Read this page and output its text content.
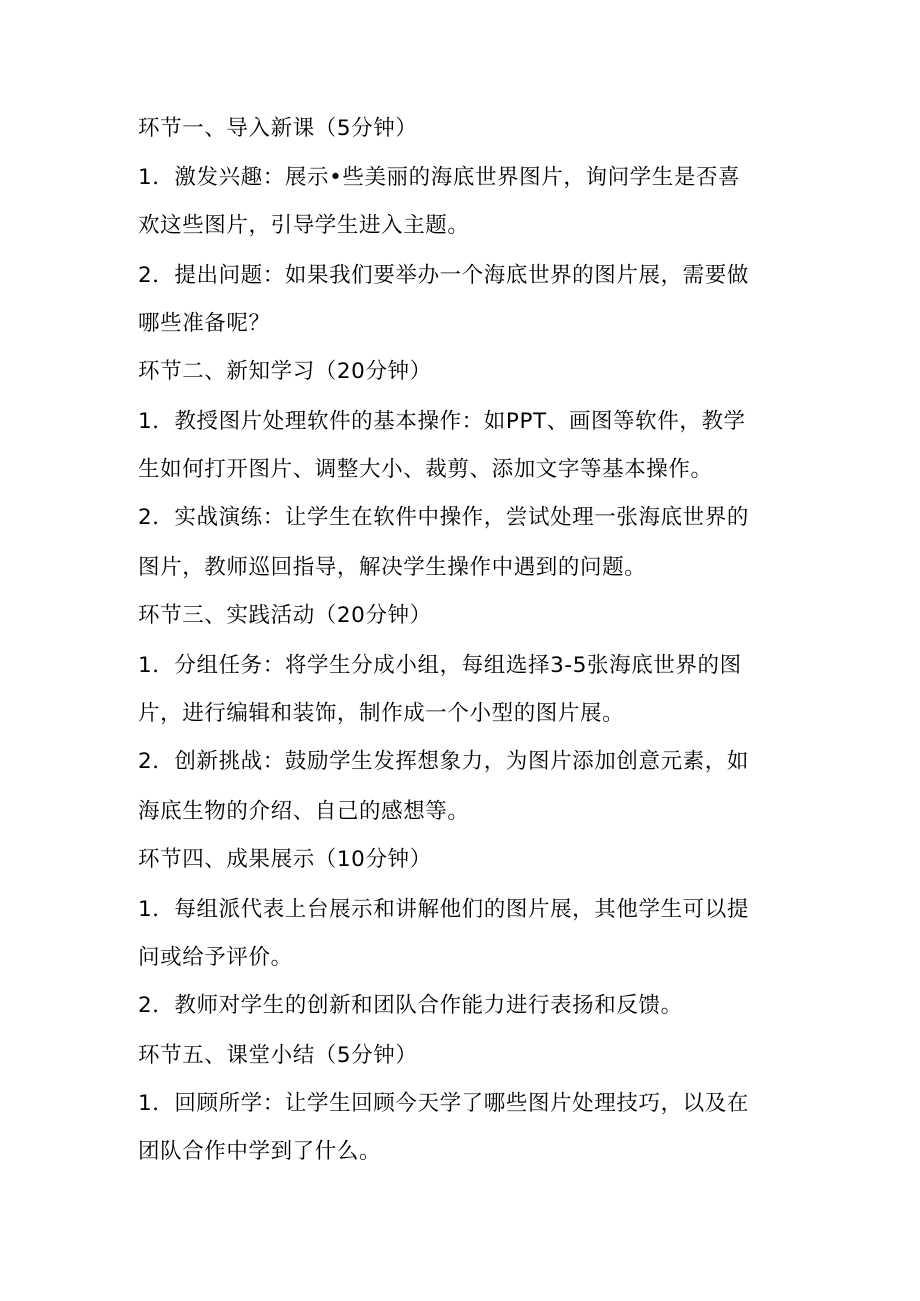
环节一、导入新课（5分钟）
1．激发兴趣：展示•些美丽的海底世界图片，询问学生是否喜
欢这些图片，引导学生进入主题。
2．提出问题：如果我们要举办一个海底世界的图片展，需要做
哪些准备呢？
环节二、新知学习（20分钟）
1．教授图片处理软件的基本操作：如PPT、画图等软件，教学
生如何打开图片、调整大小、裁剪、添加文字等基本操作。
2．实战演练：让学生在软件中操作，尝试处理一张海底世界的
图片，教师巡回指导，解决学生操作中遇到的问题。
环节三、实践活动（20分钟）
1．分组任务：将学生分成小组，每组选择3-5张海底世界的图
片，进行编辑和装饰，制作成一个小型的图片展。
2．创新挑战：鼓励学生发挥想象力，为图片添加创意元素，如
海底生物的介绍、自己的感想等。
环节四、成果展示（10分钟）
1．每组派代表上台展示和讲解他们的图片展，其他学生可以提
问或给予评价。
2．教师对学生的创新和团队合作能力进行表扬和反馈。
环节五、课堂小结（5分钟）
1．回顾所学：让学生回顾今天学了哪些图片处理技巧，以及在
团队合作中学到了什么。
